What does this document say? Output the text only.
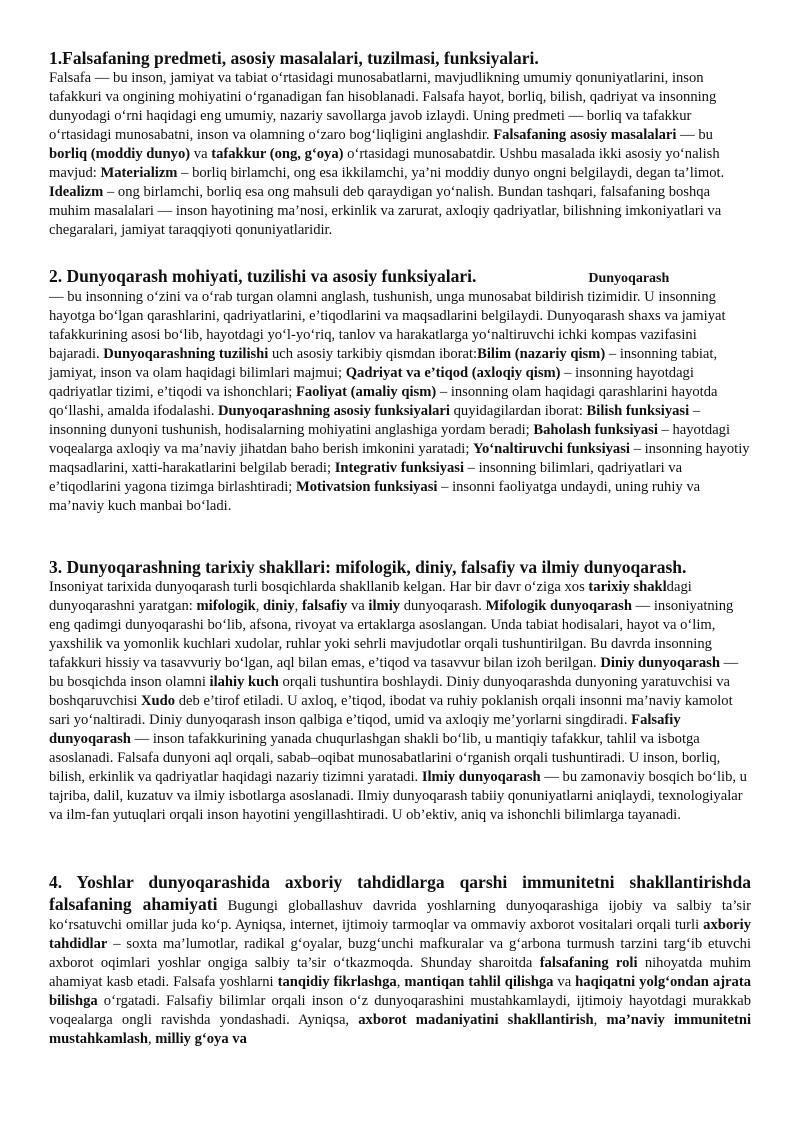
1.Falsafaning predmeti, asosiy masalalari, tuzilmasi, funksiyalari.

Falsafa — bu inson, jamiyat va tabiat o‘rtasidagi munosabatlarni, mavjudlikning umumiy qonuniyatlarini, inson tafakkuri va ongining mohiyatini o‘rganadigan fan hisoblanadi. Falsafa hayot, borliq, bilish, qadriyat va insonning dunyodagi o‘rni haqidagi eng umumiy, nazariy savollarga javob izlaydi. Uning predmeti — borliq va tafakkur o‘rtasidagi munosabatni, inson va olamning o‘zaro bog‘liqligini anglashdir. Falsafaning asosiy masalalari — bu borliq (moddiy dunyo) va tafakkur (ong, g‘oya) o‘rtasidagi munosabatdir. Ushbu masalada ikki asosiy yo‘nalish mavjud: Materializm – borliq birlamchi, ong esa ikkilamchi, ya’ni moddiy dunyo ongni belgilaydi, degan ta’limot. Idealizm – ong birlamchi, borliq esa ong mahsuli deb qaraydigan yo‘nalish. Bundan tashqari, falsafaning boshqa muhim masalalari — inson hayotining ma’nosi, erkinlik va zarurat, axloqiy qadriyatlar, bilishning imkoniyatlari va chegaralari, jamiyat taraqqiyoti qonuniyatlaridir.

2. Dunyoqarash mohiyati, tuzilishi va asosiy funksiyalari.	Dunyoqarash

— bu insonning o‘zini va o‘rab turgan olamni anglash, tushunish, unga munosabat bildirish tizimidir. U insonning hayotga bo‘lgan qarashlarini, qadriyatlarini, e’tiqodlarini va maqsadlarini belgilaydi. Dunyoqarash shaxs va jamiyat tafakkurining asosi bo‘lib, hayotdagi yo‘l-yo‘riq, tanlov va harakatlarga yo‘naltiruvchi ichki kompas vazifasini bajaradi. Dunyoqarashning tuzilishi uch asosiy tarkibiy qismdan iborat:Bilim (nazariy qism) – insonning tabiat, jamiyat, inson va olam haqidagi bilimlari majmui; Qadriyat va e’tiqod (axloqiy qism) – insonning hayotdagi qadriyatlar tizimi, e’tiqodi va ishonchlari; Faoliyat (amaliy qism) – insonning olam haqidagi qarashlarini hayotda qo‘llashi, amalda ifodalashi. Dunyoqarashning asosiy funksiyalari quyidagilardan iborat: Bilish funksiyasi – insonning dunyoni tushunish, hodisalarning mohiyatini anglashiga yordam beradi; Baholash funksiyasi – hayotdagi voqealarga axloqiy va ma’naviy jihatdan baho berish imkonini yaratadi; Yo‘naltiruvchi funksiyasi – insonning hayotiy maqsadlarini, xatti-harakatlarini belgilab beradi; Integrativ funksiyasi – insonning bilimlari, qadriyatlari va e’tiqodlarini yagona tizimga birlashtiradi; Motivatsion funksiyasi – insonni faoliyatga undaydi, uning ruhiy va ma’naviy kuch manbai bo‘ladi.

3. Dunyoqarashning tarixiy shakllari: mifologik, diniy, falsafiy va ilmiy dunyoqarash.

Insoniyat tarixida dunyoqarash turli bosqichlarda shakllanib kelgan. Har bir davr o‘ziga xos tarixiy shakldagi dunyoqarashni yaratgan: mifologik, diniy, falsafiy va ilmiy dunyoqarash. Mifologik dunyoqarash — insoniyatning eng qadimgi dunyoqarashi bo‘lib, afsona, rivoyat va ertaklarga asoslangan. Unda tabiat hodisalari, hayot va o‘lim, yaxshilik va yomonlik kuchlari xudolar, ruhlar yoki sehrli mavjudotlar orqali tushuntirilgan. Bu davrda insonning tafakkuri hissiy va tasavvuriy bo‘lgan, aql bilan emas, e’tiqod va tasavvur bilan izoh berilgan. Diniy dunyoqarash — bu bosqichda inson olamni ilahiy kuch orqali tushuntira boshlaydi. Diniy dunyoqarashda dunyoning yaratuvchisi va boshqaruvchisi Xudo deb e’tirof etiladi. U axloq, e’tiqod, ibodat va ruhiy poklanish orqali insonni ma’naviy kamolot sari yo‘naltiradi. Diniy dunyoqarash inson qalbiga e’tiqod, umid va axloqiy me’yorlarni singdiradi. Falsafiy dunyoqarash — inson tafakkurining yanada chuqurlashgan shakli bo‘lib, u mantiqiy tafakkur, tahlil va isbotga asoslanadi. Falsafa dunyoni aql orqali, sabab–oqibat munosabatlarini o‘rganish orqali tushuntiradi. U inson, borliq, bilish, erkinlik va qadriyatlar haqidagi nazariy tizimni yaratadi. Ilmiy dunyoqarash — bu zamonaviy bosqich bo‘lib, u tajriba, dalil, kuzatuv va ilmiy isbotlarga asoslanadi. Ilmiy dunyoqarash tabiiy qonuniyatlarni aniqlaydi, texnologiyalar va ilm-fan yutuqlari orqali inson hayotini yengillashtiradi. U ob’ektiv, aniq va ishonchli bilimlarga tayanadi.

4. Yoshlar dunyoqarashida axboriy tahdidlarga qarshi immunitetni shakllantirishda falsafaning ahamiyati Bugungi globallashuv davrida yoshlarning dunyoqarashiga ijobiy va salbiy ta’sir ko‘rsatuvchi omillar juda ko‘p. Ayniqsa, internet, ijtimoiy tarmoqlar va ommaviy axborot vositalari orqali turli axboriy tahdidlar – soxta ma’lumotlar, radikal g‘oyalar, buzg‘unchi mafkuralar va g‘arbona turmush tarzini targ‘ib etuvchi axborot oqimlari yoshlar ongiga salbiy ta’sir o‘tkazmoqda. Shunday sharoitda falsafaning roli nihoyatda muhim ahamiyat kasb etadi. Falsafa yoshlarni tanqidiy fikrlashga, mantiqan tahlil qilishga va haqiqatni yolg‘ondan ajrata bilishga o‘rgatadi. Falsafiy bilimlar orqali inson o‘z dunyoqarashini mustahkamlaydi, ijtimoiy hayotdagi murakkab voqealarga ongli ravishda yondashadi. Ayniqsa, axborot madaniyatini shakllantirish, ma’naviy immunitetni mustahkamlash, milliy g‘oya va
